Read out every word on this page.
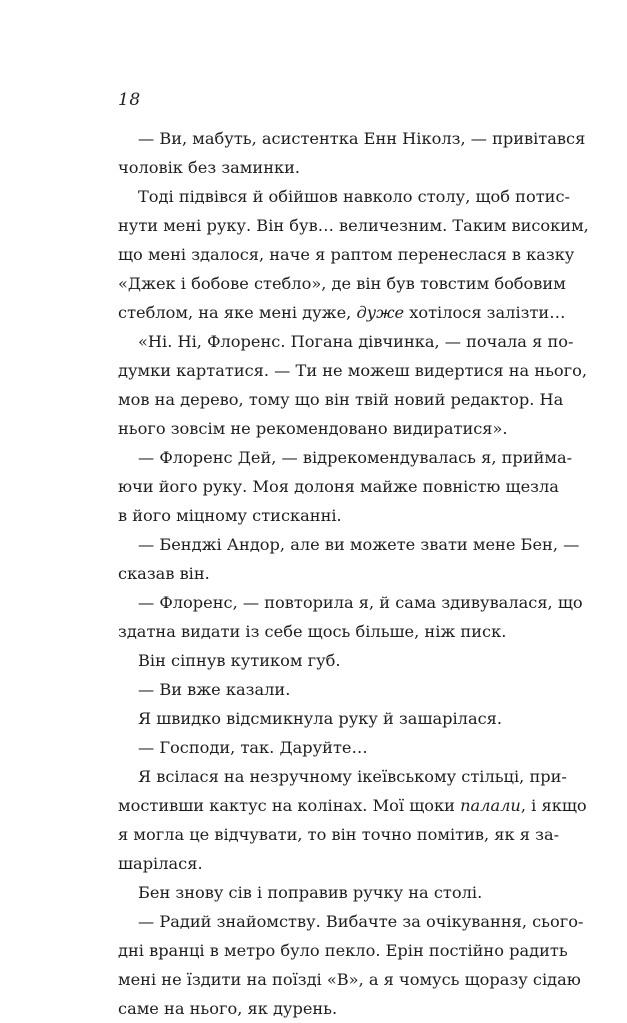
18
— Ви, мабуть, асистентка Енн Ніколз, — привітався
чоловік без заминки.
Тоді підвівся й обійшов навколо столу, щоб потис-
нути мені руку. Він був… величезним. Таким високим,
що мені здалося, наче я раптом перенеслася в казку
«Джек і бобове стебло», де він був товстим бобовим
стеблом, на яке мені дуже, дуже хотілося залізти…
«Ні. Ні, Флоренс. Погана дівчинка, — почала я по-
думки картатися. — Ти не можеш видертися на нього,
мов на дерево, тому що він твій новий редактор. На
нього зовсім не рекомендовано видиратися».
— Флоренс Дей, — відрекомендувалась я, прийма-
ючи його руку. Моя долоня майже повністю щезла
в його міцному стисканні.
— Бенджі Андор, але ви можете звати мене Бен, —
сказав він.
— Флоренс, — повторила я, й сама здивувалася, що
здатна видати із себе щось більше, ніж писк.
Він сіпнув кутиком губ.
— Ви вже казали.
Я швидко відсмикнула руку й зашарілася.
— Господи, так. Даруйте…
Я всілася на незручному ікеївському стільці, при-
мостивши кактус на колінах. Мої щоки палали, і якщо
я могла це відчувати, то він точно помітив, як я за-
шарілася.
Бен знову сів і поправив ручку на столі.
— Радий знайомству. Вибачте за очікування, сього-
дні вранці в метро було пекло. Ерін постійно радить
мені не їздити на поїзді «В», а я чомусь щоразу сідаю
саме на нього, як дурень.
